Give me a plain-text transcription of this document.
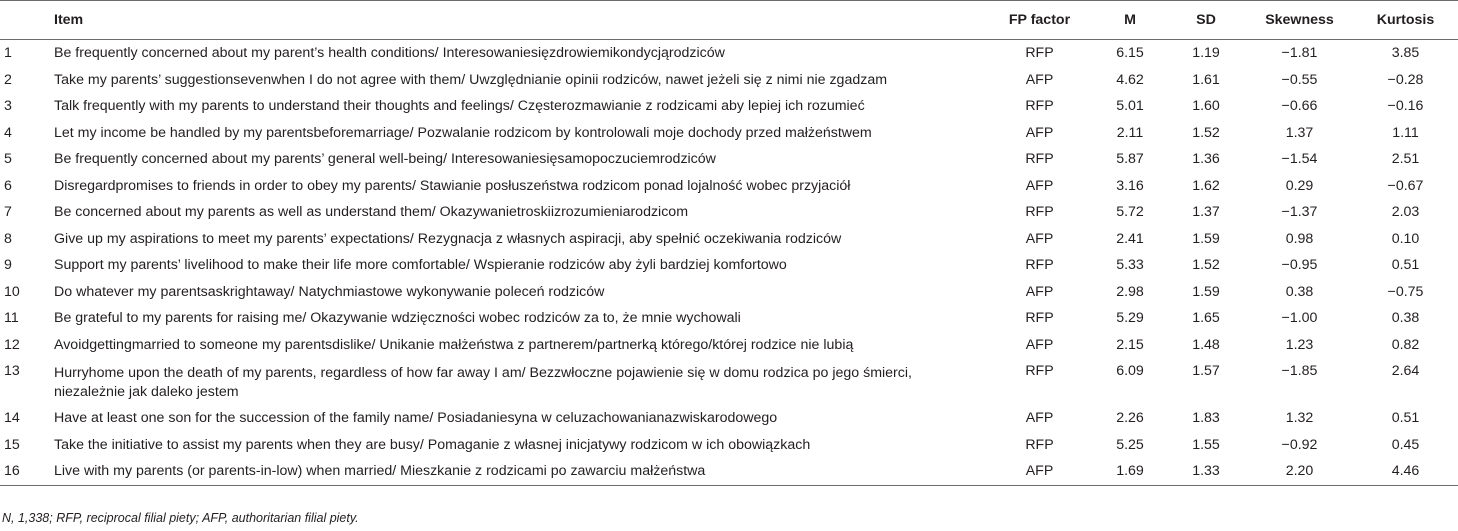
	Item	FP factor	M	SD	Skewness	Kurtosis
1	Be frequently concerned about my parent’s health conditions/ Interesowaniesięzdrowiemikondycjąrodziców	RFP	6.15	1.19	−1.81	3.85
2	Take my parents’ suggestionsevenwhen I do not agree with them/ Uwzględnianie opinii rodziców, nawet jeżeli się z nimi nie zgadzam	AFP	4.62	1.61	−0.55	−0.28
3	Talk frequently with my parents to understand their thoughts and feelings/ Częsterozmawianie z rodzicami aby lepiej ich rozumieć	RFP	5.01	1.60	−0.66	−0.16
4	Let my income be handled by my parentsbeforemarriage/ Pozwalanie rodzicom by kontrolowali moje dochody przed małżeństwem	AFP	2.11	1.52	1.37	1.11
5	Be frequently concerned about my parents’ general well-being/ Interesowaniesięsamopoczuciemrodziców	RFP	5.87	1.36	−1.54	2.51
6	Disregardpromises to friends in order to obey my parents/ Stawianie posłuszeństwa rodzicom ponad lojalność wobec przyjaciół	AFP	3.16	1.62	0.29	−0.67
7	Be concerned about my parents as well as understand them/ Okazywanietroskiizrozumieniarodzicom	RFP	5.72	1.37	−1.37	2.03
8	Give up my aspirations to meet my parents’ expectations/ Rezygnacja z własnych aspiracji, aby spełnić oczekiwania rodziców	AFP	2.41	1.59	0.98	0.10
9	Support my parents’ livelihood to make their life more comfortable/ Wspieranie rodziców aby żyli bardziej komfortowo	RFP	5.33	1.52	−0.95	0.51
10	Do whatever my parentsaskrightaway/ Natychmiastowe wykonywanie poleceń rodziców	AFP	2.98	1.59	0.38	−0.75
11	Be grateful to my parents for raising me/ Okazywanie wdzięczności wobec rodziców za to, że mnie wychowali	RFP	5.29	1.65	−1.00	0.38
12	Avoidgettingmarried to someone my parentsdislike/ Unikanie małżeństwa z partnerem/partnerką którego/której rodzice nie lubią	AFP	2.15	1.48	1.23	0.82
13	Hurryhome upon the death of my parents, regardless of how far away I am/ Bezzwłoczne pojawienie się w domu rodzica po jego śmierci, niezależnie jak daleko jestem	RFP	6.09	1.57	−1.85	2.64
14	Have at least one son for the succession of the family name/ Posiadaniesyna w celuzachowanianazwiskarodowego	AFP	2.26	1.83	1.32	0.51
15	Take the initiative to assist my parents when they are busy/ Pomaganie z własnej inicjatywy rodzicom w ich obowiązkach	RFP	5.25	1.55	−0.92	0.45
16	Live with my parents (or parents-in-low) when married/ Mieszkanie z rodzicami po zawarciu małżeństwa	AFP	1.69	1.33	2.20	4.46
N, 1,338; RFP, reciprocal filial piety; AFP, authoritarian filial piety.
